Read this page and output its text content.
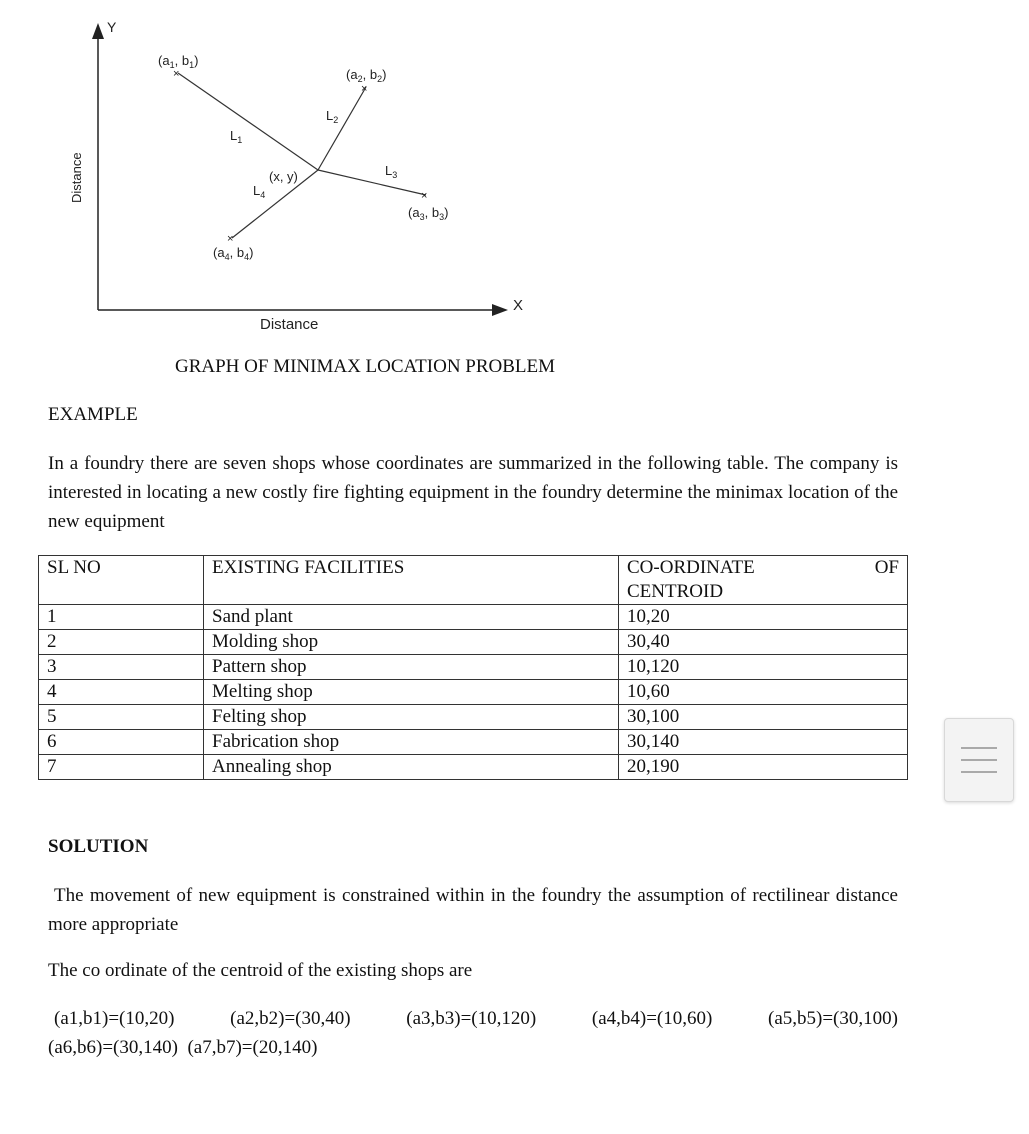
Y
X
Distance
Distance
×
×
×
×
($a_1$, $b_1$)
($a_2$, $b_2$)
($a_3$, $b_3$)
($a_4$, $b_4$)
(x, y)
$L_1$
$L_2$
$L_3$
$L_4$
GRAPH OF MINIMAX LOCATION PROBLEM
EXAMPLE
In a foundry there are seven shops whose coordinates are summarized in the following table. The company is interested in locating a new costly fire fighting equipment in the foundry determine the minimax location of the new equipment
SL NO	EXISTING FACILITIES	CO-ORDINATE OF
CENTROID

1	Sand plant	10,20
2	Molding shop	30,40
3	Pattern shop	10,120
4	Melting shop	10,60
5	Felting shop	30,100
6	Fabrication shop	30,140
7	Annealing shop	20,190
SOLUTION
The movement of new equipment is constrained within in the foundry the assumption of rectilinear distance more appropriate
The co ordinate of the centroid of the existing shops are
(a1,b1)=(10,20)	(a2,b2)=(30,40)	(a3,b3)=(10,120)	(a4,b4)=(10,60)	(a5,b5)=(30,100)
(a6,b6)=(30,140) (a7,b7)=(20,140)
